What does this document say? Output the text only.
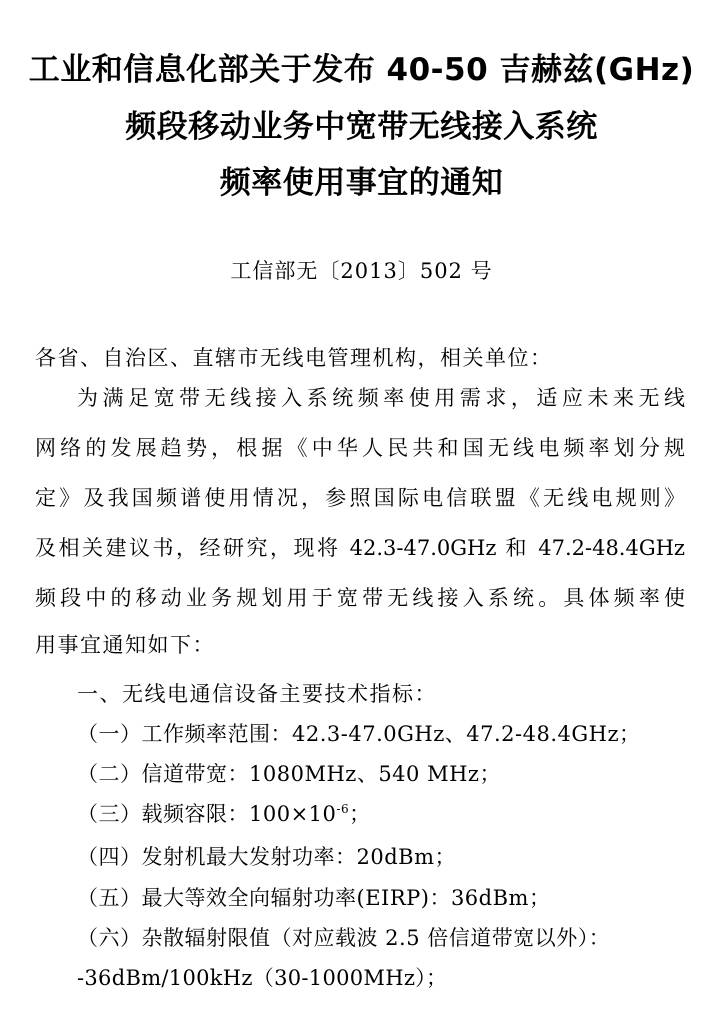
工业和信息化部关于发布 40-50 吉赫兹(GHz)
频段移动业务中宽带无线接入系统
频率使用事宜的通知
工信部无〔2013〕502 号
各省、自治区、直辖市无线电管理机构，相关单位：
为满足宽带无线接入系统频率使用需求，适应未来无线
网络的发展趋势，根据《中华人民共和国无线电频率划分规
定》及我国频谱使用情况，参照国际电信联盟《无线电规则》
及相关建议书，经研究，现将 42.3-47.0GHz 和 47.2-48.4GHz
频段中的移动业务规划用于宽带无线接入系统。具体频率使
用事宜通知如下：
一、无线电通信设备主要技术指标：
（一）工作频率范围：42.3-47.0GHz、47.2-48.4GHz；
（二）信道带宽：1080MHz、540 MHz；
（三）载频容限：$100\times 10^{-6}$；
（四）发射机最大发射功率：20dBm；
（五）最大等效全向辐射功率(EIRP)：36dBm；
（六）杂散辐射限值（对应载波 2.5 倍信道带宽以外）：
-36dBm/100kHz（30-1000MHz）；
